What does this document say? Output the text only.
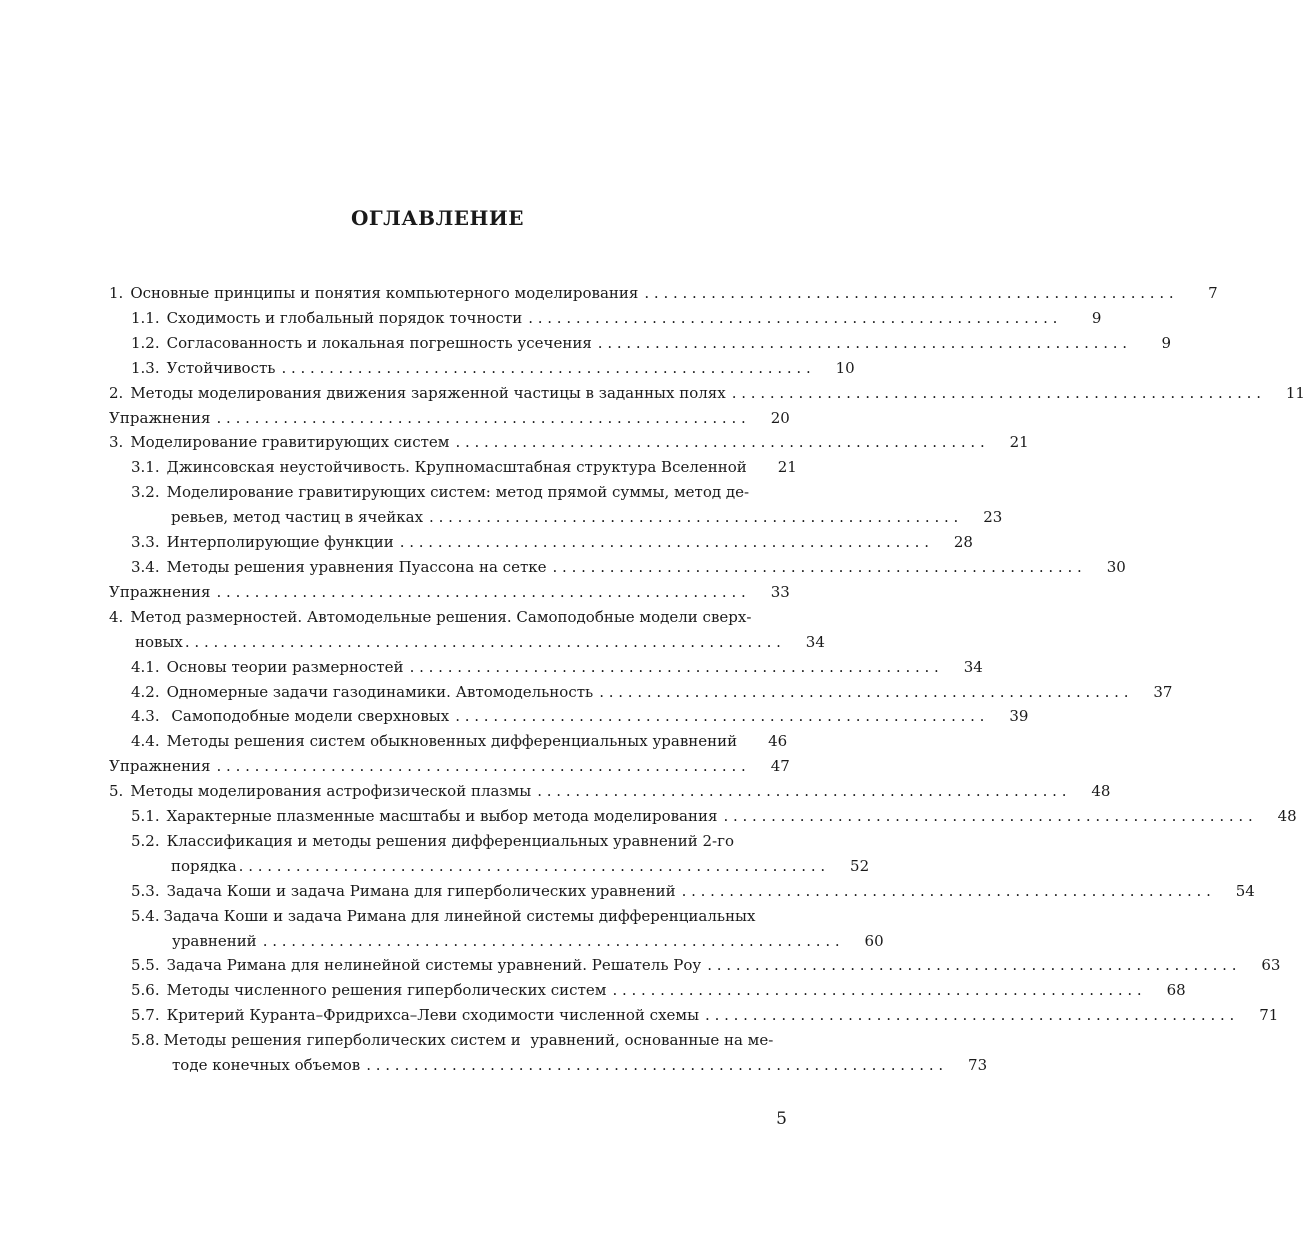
ОГЛАВЛЕНИЕ
1. Основные принципы и понятия компьютерного моделирования . . . . . . . . . . . . . . . . . . . . . . . . . . . . . . . . . . . . . . . . . . . . . . . . . . . . . . . .	7
1.1. Сходимость и глобальный порядок точности . . . . . . . . . . . . . . . . . . . . . . . . . . . . . . . . . . . . . . . . . . . . . . . . . . . . . . . .	9
1.2. Согласованность и локальная погрешность усечения . . . . . . . . . . . . . . . . . . . . . . . . . . . . . . . . . . . . . . . . . . . . . . . . . . . . . . . .	9
1.3. Устойчивость . . . . . . . . . . . . . . . . . . . . . . . . . . . . . . . . . . . . . . . . . . . . . . . . . . . . . . . .	10
2. Методы моделирования движения заряженной частицы в заданных полях . . . . . . . . . . . . . . . . . . . . . . . . . . . . . . . . . . . . . . . . . . . . . . . . . . . . . . . .	11
Упражнения . . . . . . . . . . . . . . . . . . . . . . . . . . . . . . . . . . . . . . . . . . . . . . . . . . . . . . . .	20
3. Моделирование гравитирующих систем . . . . . . . . . . . . . . . . . . . . . . . . . . . . . . . . . . . . . . . . . . . . . . . . . . . . . . . .	21
3.1. Джинсовская неустойчивость. Крупномасштабная структура Вселенной	21
3.2. Моделирование гравитирующих систем: метод прямой суммы, метод де-
ревьев, метод частиц в ячейках . . . . . . . . . . . . . . . . . . . . . . . . . . . . . . . . . . . . . . . . . . . . . . . . . . . . . . . .	23
3.3. Интерполирующие функции . . . . . . . . . . . . . . . . . . . . . . . . . . . . . . . . . . . . . . . . . . . . . . . . . . . . . . . .	28
3.4. Методы решения уравнения Пуассона на сетке . . . . . . . . . . . . . . . . . . . . . . . . . . . . . . . . . . . . . . . . . . . . . . . . . . . . . . . .	30
Упражнения . . . . . . . . . . . . . . . . . . . . . . . . . . . . . . . . . . . . . . . . . . . . . . . . . . . . . . . .	33
4. Метод размерностей. Автомодельные решения. Самоподобные модели сверх-
новых . . . . . . . . . . . . . . . . . . . . . . . . . . . . . . . . . . . . . . . . . . . . . . . . . . . . . . . . . . . . . . .	34
4.1. Основы теории размерностей . . . . . . . . . . . . . . . . . . . . . . . . . . . . . . . . . . . . . . . . . . . . . . . . . . . . . . . .	34
4.2. Одномерные задачи газодинамики. Автомодельность . . . . . . . . . . . . . . . . . . . . . . . . . . . . . . . . . . . . . . . . . . . . . . . . . . . . . . . .	37
4.3. Самоподобные модели сверхновых . . . . . . . . . . . . . . . . . . . . . . . . . . . . . . . . . . . . . . . . . . . . . . . . . . . . . . . .	39
4.4. Методы решения систем обыкновенных дифференциальных уравнений	46
Упражнения . . . . . . . . . . . . . . . . . . . . . . . . . . . . . . . . . . . . . . . . . . . . . . . . . . . . . . . .	47
5. Методы моделирования астрофизической плазмы . . . . . . . . . . . . . . . . . . . . . . . . . . . . . . . . . . . . . . . . . . . . . . . . . . . . . . . .	48
5.1. Характерные плазменные масштабы и выбор метода моделирования . . . . . . . . . . . . . . . . . . . . . . . . . . . . . . . . . . . . . . . . . . . . . . . . . . . . . . . .	48
5.2. Классификация и методы решения дифференциальных уравнений 2-го
порядка . . . . . . . . . . . . . . . . . . . . . . . . . . . . . . . . . . . . . . . . . . . . . . . . . . . . . . . . . . . . . .	52
5.3. Задача Коши и задача Римана для гиперболических уравнений . . . . . . . . . . . . . . . . . . . . . . . . . . . . . . . . . . . . . . . . . . . . . . . . . . . . . . . .	54
5.4. Задача Коши и задача Римана для линейной системы дифференциальных
уравнений . . . . . . . . . . . . . . . . . . . . . . . . . . . . . . . . . . . . . . . . . . . . . . . . . . . . . . . . . . . . .	60
5.5. Задача Римана для нелинейной системы уравнений. Решатель Роу . . . . . . . . . . . . . . . . . . . . . . . . . . . . . . . . . . . . . . . . . . . . . . . . . . . . . . . .	63
5.6. Методы численного решения гиперболических систем . . . . . . . . . . . . . . . . . . . . . . . . . . . . . . . . . . . . . . . . . . . . . . . . . . . . . . . .	68
5.7. Критерий Куранта–Фридрихса–Леви сходимости численной схемы . . . . . . . . . . . . . . . . . . . . . . . . . . . . . . . . . . . . . . . . . . . . . . . . . . . . . . . .	71
5.8. Методы решения гиперболических систем и  уравнений, основанные на ме-
тоде конечных объемов . . . . . . . . . . . . . . . . . . . . . . . . . . . . . . . . . . . . . . . . . . . . . . . . . . . . . . . . . . . . .	73
5
